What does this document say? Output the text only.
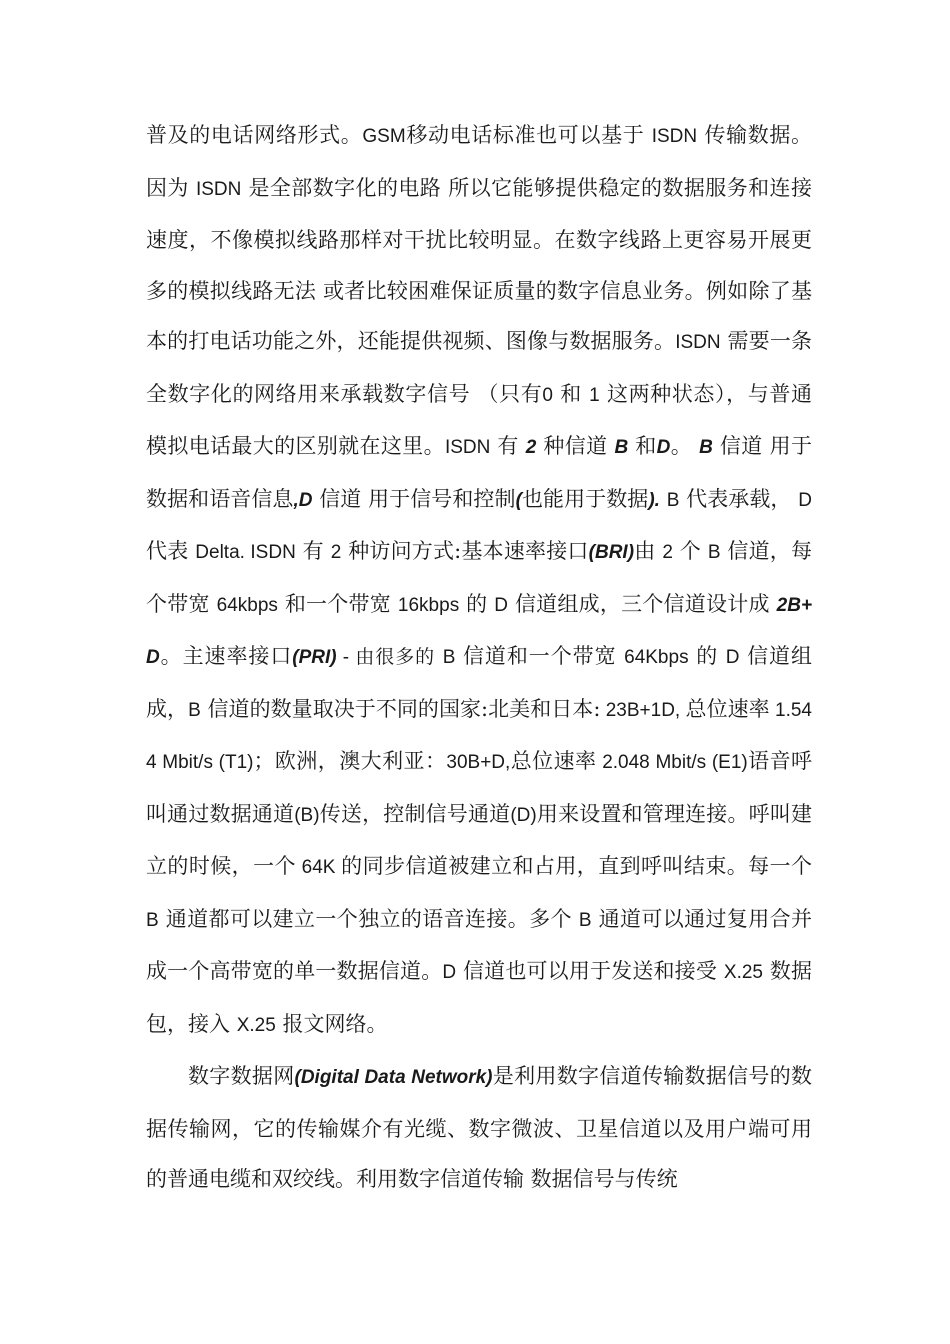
普及的电话网络形式。GSM移动电话标准也可以基于 ISDN 传输数据。因为 ISDN 是全部数字化的电路 所以它能够提供稳定的数据服务和连接速度，不像模拟线路那样对干扰比较明显。在数字线路上更容易开展更多的模拟线路无法 或者比较困难保证质量的数字信息业务。例如除了基本的打电话功能之外，还能提供视频、图像与数据服务。ISDN 需要一条全数字化的网络用来承载数字信号 （只有0 和 1 这两种状态），与普通模拟电话最大的区别就在这里。ISDN 有 2 种信道 B 和D。 B 信道 用于数据和语音信息,D 信道 用于信号和控制(也能用于数据). B 代表承载， D 代表 Delta. ISDN 有 2 种访问方式:基本速率接口(BRI)由 2 个 B 信道，每个带宽 64kbps 和一个带宽 16kbps 的 D 信道组成，三个信道设计成 2B+D。主速率接口(PRI) - 由很多的 B 信道和一个带宽 64Kbps 的 D 信道组成，B 信道的数量取决于不同的国家:北美和日本: 23B+1D, 总位速率 1.544 Mbit/s (T1)；欧洲，澳大利亚：30B+D,总位速率 2.048 Mbit/s (E1)语音呼叫通过数据通道(B)传送，控制信号通道(D)用来设置和管理连接。呼叫建立的时候，一个 64K 的同步信道被建立和占用，直到呼叫结束。每一个 B 通道都可以建立一个独立的语音连接。多个 B 通道可以通过复用合并成一个高带宽的单一数据信道。D 信道也可以用于发送和接受 X.25 数据包，接入 X.25 报文网络。

数字数据网(Digital Data Network)是利用数字信道传输数据信号的数据传输网，它的传输媒介有光缆、数字微波、卫星信道以及用户端可用的普通电缆和双绞线。利用数字信道传输 数据信号与传统
